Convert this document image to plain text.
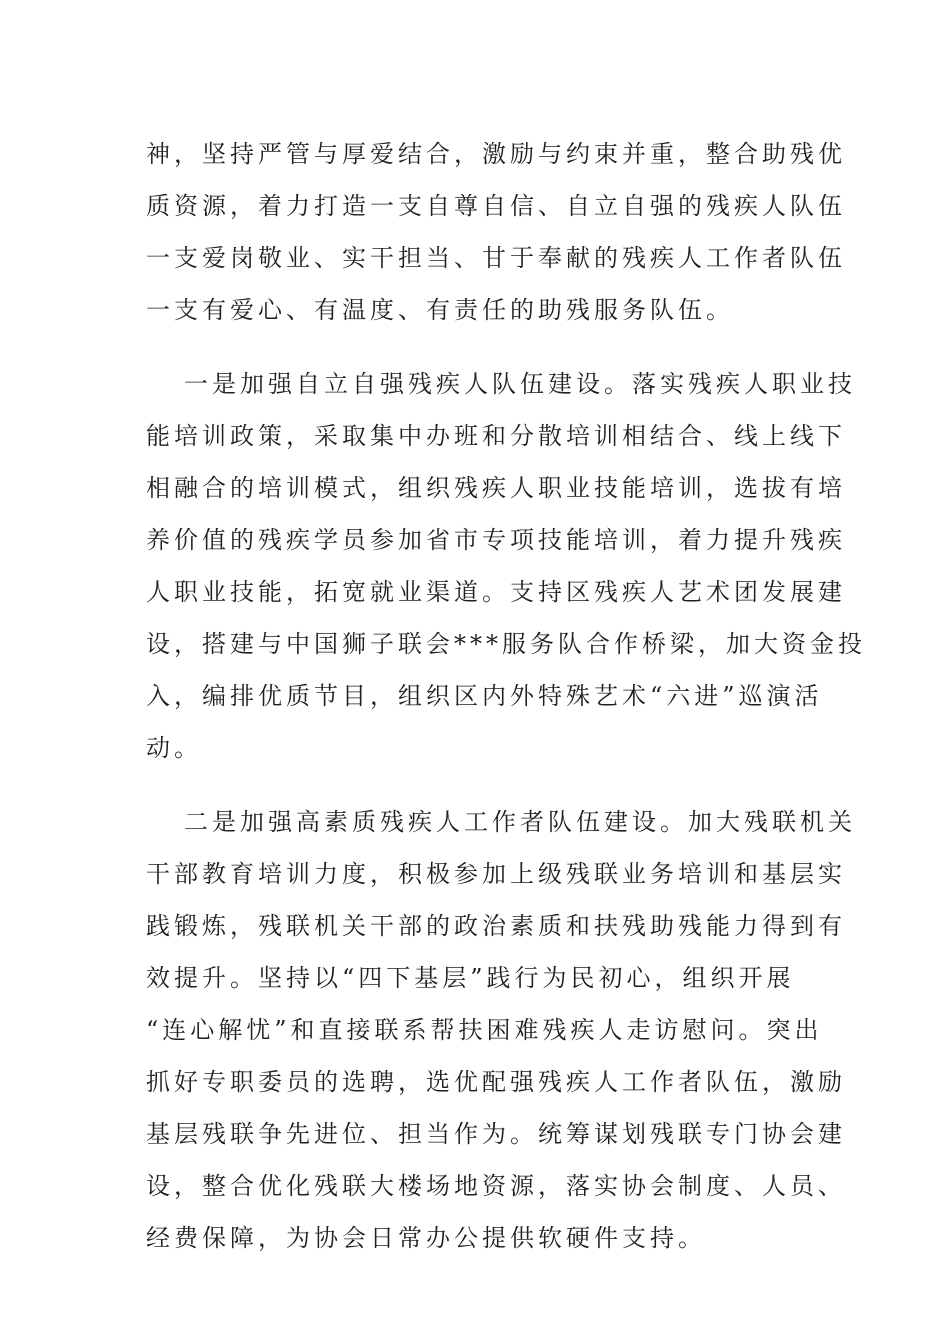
神，坚持严管与厚爱结合，激励与约束并重，整合助残优
质资源，着力打造一支自尊自信、自立自强的残疾人队伍
一支爱岗敬业、实干担当、甘于奉献的残疾人工作者队伍
一支有爱心、有温度、有责任的助残服务队伍。
一是加强自立自强残疾人队伍建设。落实残疾人职业技
能培训政策，采取集中办班和分散培训相结合、线上线下
相融合的培训模式，组织残疾人职业技能培训，选拔有培
养价值的残疾学员参加省市专项技能培训，着力提升残疾
人职业技能，拓宽就业渠道。支持区残疾人艺术团发展建
设，搭建与中国狮子联会***服务队合作桥梁，加大资金投
入，编排优质节目，组织区内外特殊艺术“六进”巡演活
动。
二是加强高素质残疾人工作者队伍建设。加大残联机关
干部教育培训力度，积极参加上级残联业务培训和基层实
践锻炼，残联机关干部的政治素质和扶残助残能力得到有
效提升。坚持以“四下基层”践行为民初心，组织开展
“连心解忧”和直接联系帮扶困难残疾人走访慰问。突出
抓好专职委员的选聘，选优配强残疾人工作者队伍，激励
基层残联争先进位、担当作为。统筹谋划残联专门协会建
设，整合优化残联大楼场地资源，落实协会制度、人员、
经费保障，为协会日常办公提供软硬件支持。
